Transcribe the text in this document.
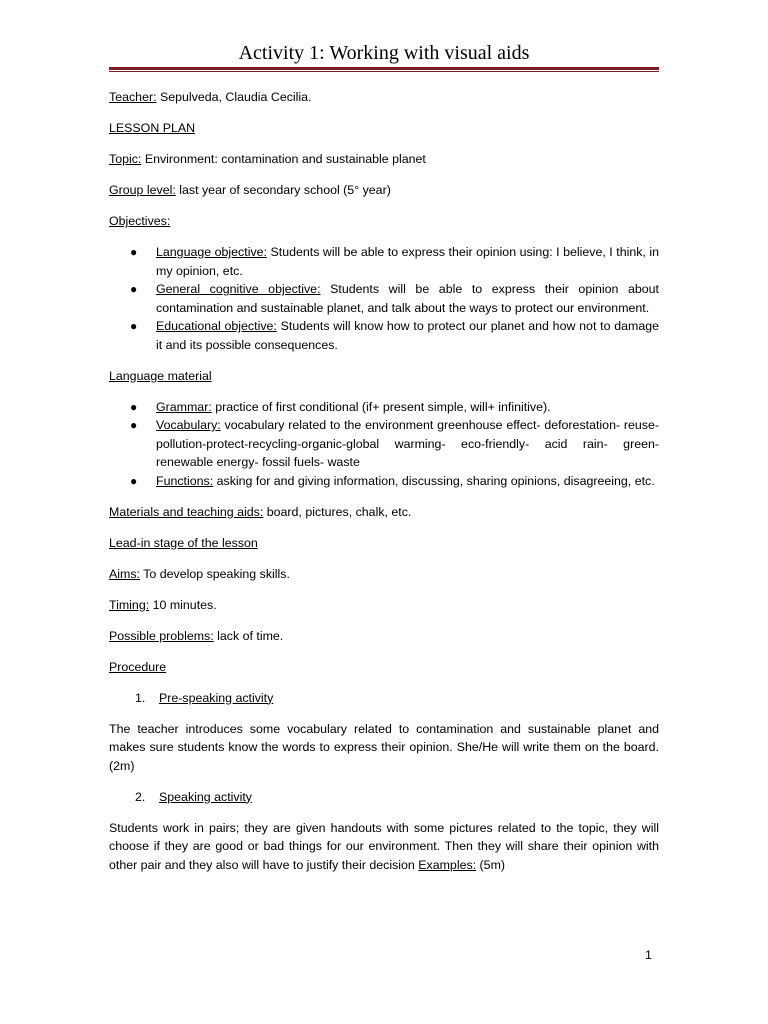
Activity 1: Working with visual aids

Teacher: Sepulveda, Claudia Cecilia.

LESSON PLAN

Topic: Environment: contamination and sustainable planet

Group level: last year of secondary school (5° year)

Objectives:

● Language objective: Students will be able to express their opinion using: I believe, I think, in my opinion, etc.
● General cognitive objective: Students will be able to express their opinion about contamination and sustainable planet, and talk about the ways to protect our environment.
● Educational objective: Students will know how to protect our planet and how not to damage it and its possible consequences.

Language material

● Grammar: practice of first conditional (if+ present simple, will+ infinitive).
● Vocabulary: vocabulary related to the environment greenhouse effect- deforestation- reuse-pollution-protect-recycling-organic-global warming- eco-friendly- acid rain- green- renewable energy- fossil fuels- waste
● Functions: asking for and giving information, discussing, sharing opinions, disagreeing, etc.

Materials and teaching aids: board, pictures, chalk, etc.

Lead-in stage of the lesson

Aims: To develop speaking skills.

Timing: 10 minutes.

Possible problems: lack of time.

Procedure

1. Pre-speaking activity

The teacher introduces some vocabulary related to contamination and sustainable planet and makes sure students know the words to express their opinion. She/He will write them on the board. (2m)

2. Speaking activity

Students work in pairs; they are given handouts with some pictures related to the topic, they will choose if they are good or bad things for our environment. Then they will share their opinion with other pair and they also will have to justify their decision Examples: (5m)

1
